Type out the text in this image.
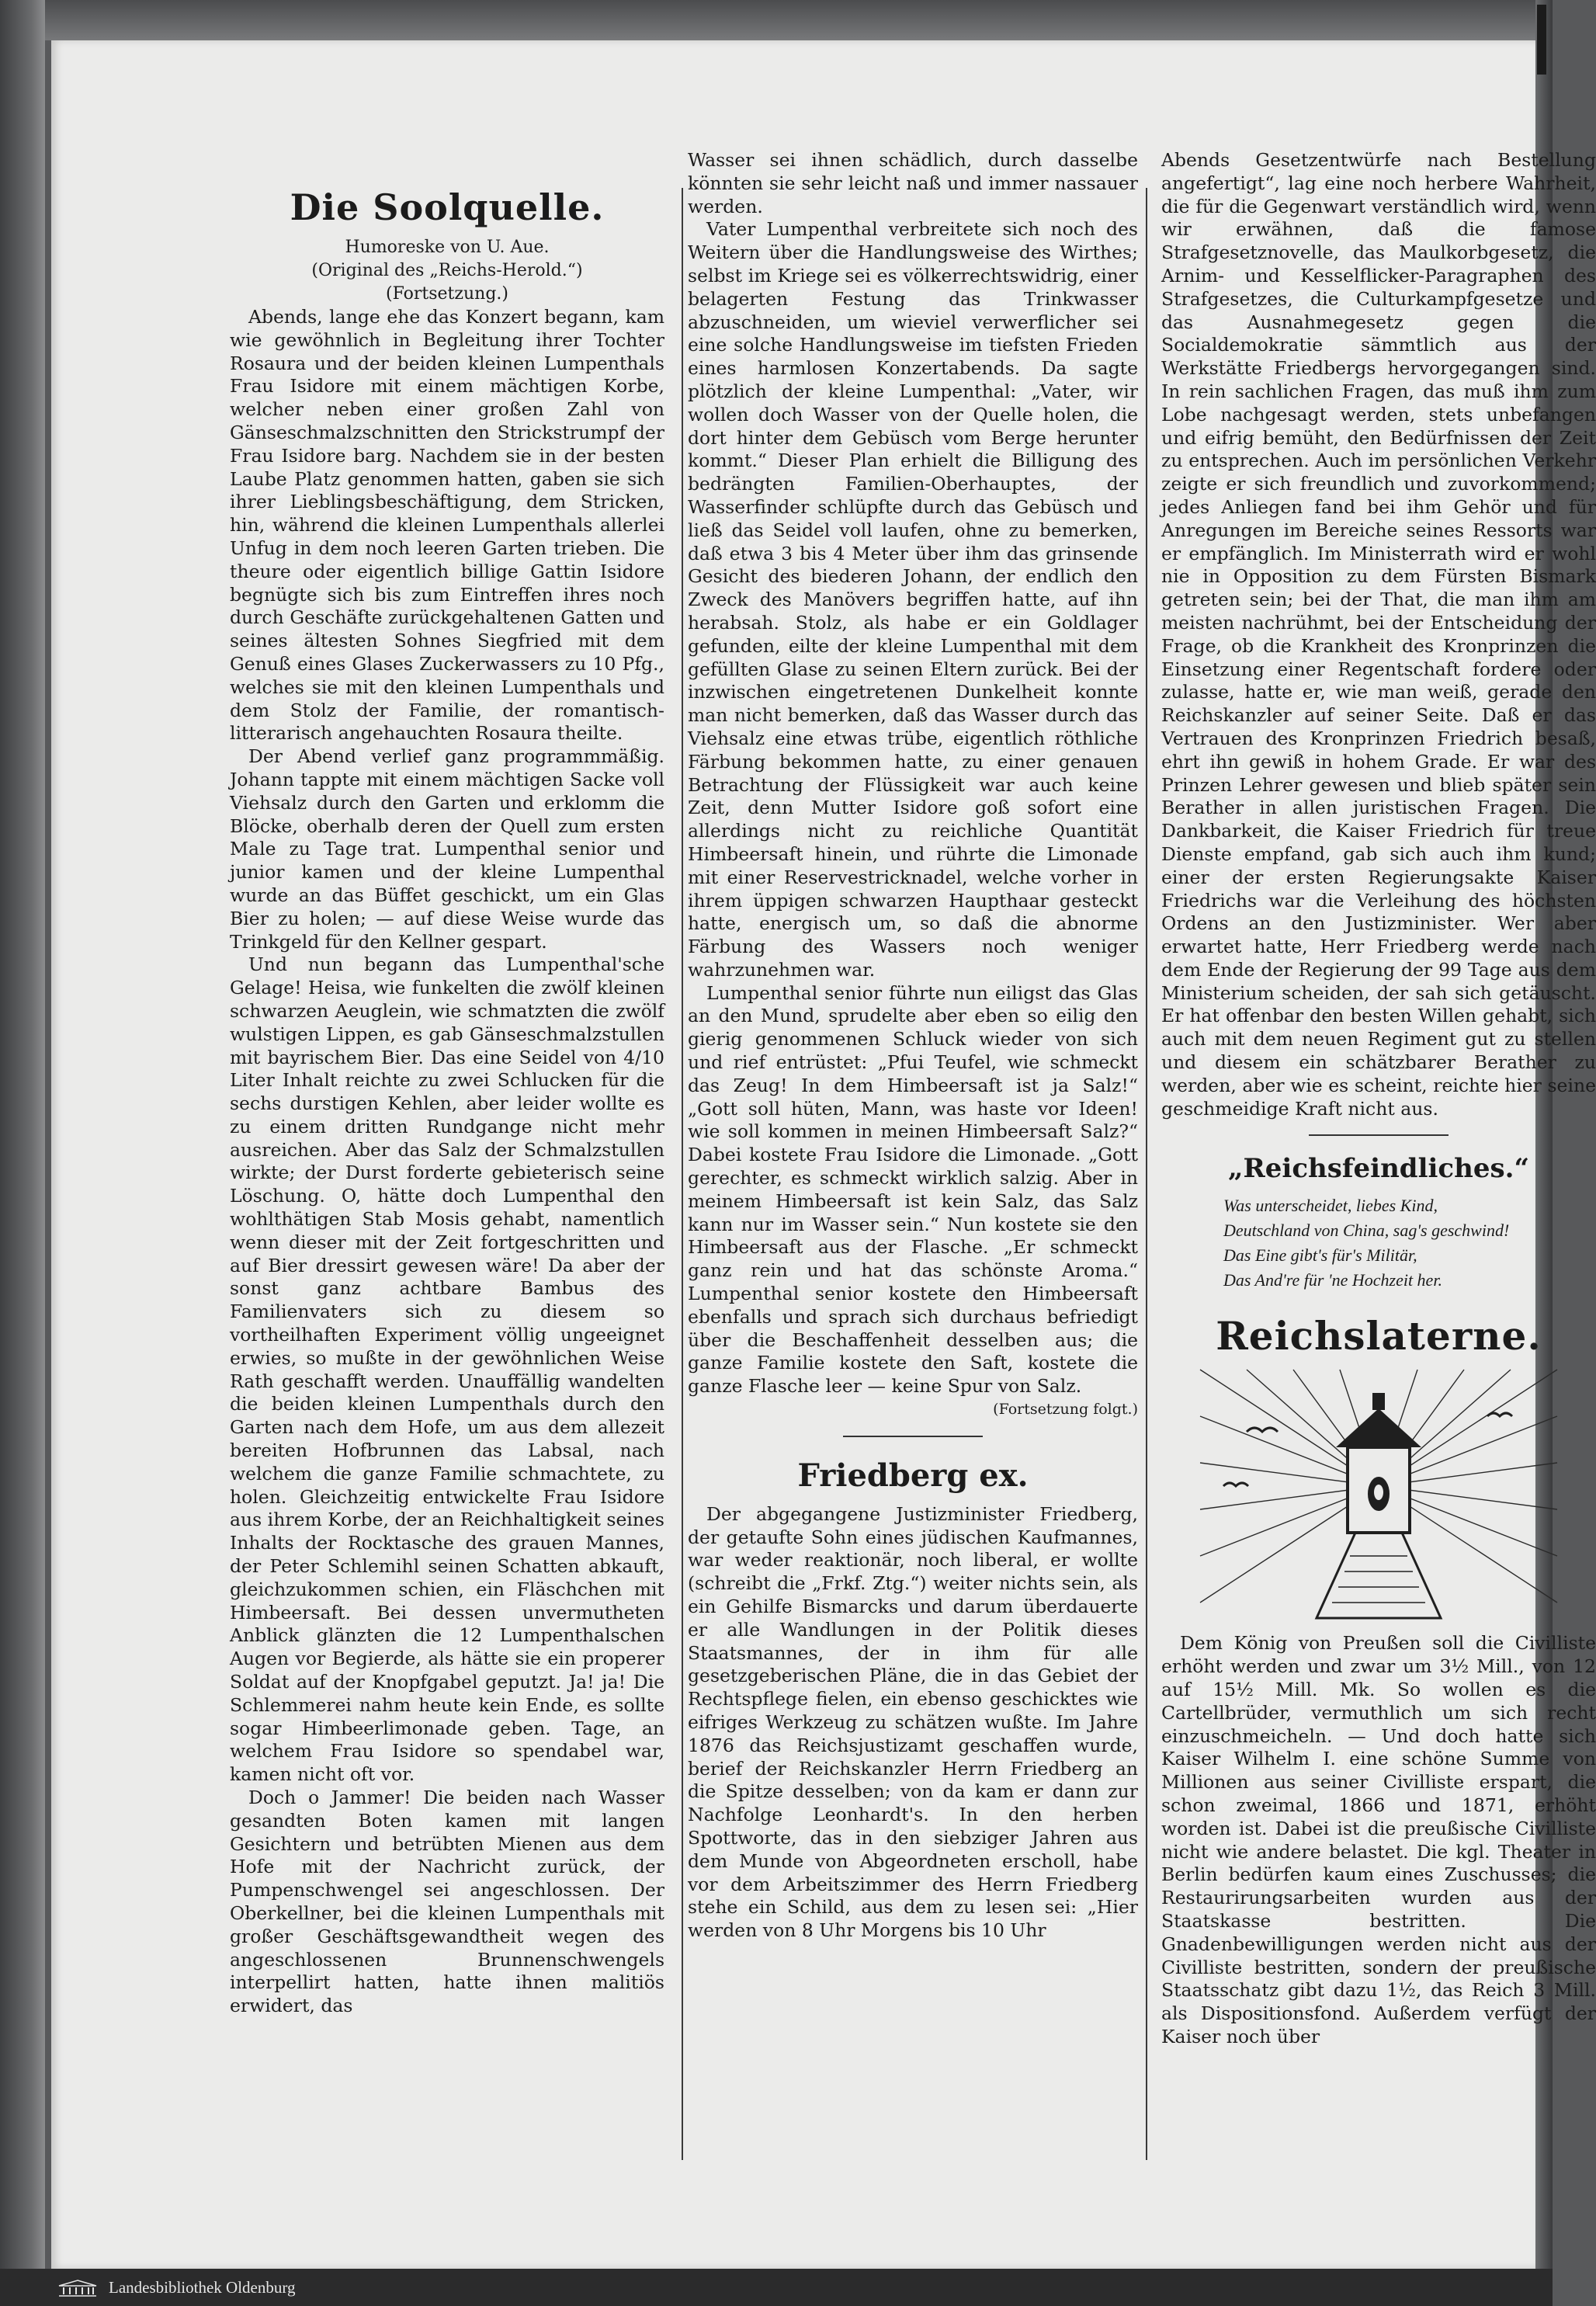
Die Soolquelle.

Humoreske von U. Aue.

(Original des „Reichs-Herold.“)

(Fortsetzung.)

Abends, lange ehe das Konzert begann, kam wie gewöhnlich in Begleitung ihrer Tochter Rosaura und der beiden kleinen Lumpenthals Frau Isidore mit einem mächtigen Korbe, welcher neben einer großen Zahl von Gänseschmalzschnitten den Strickstrumpf der Frau Isidore barg. Nachdem sie in der besten Laube Platz genommen hatten, gaben sie sich ihrer Lieblingsbeschäftigung, dem Stricken, hin, während die kleinen Lumpenthals allerlei Unfug in dem noch leeren Garten trieben. Die theure oder eigentlich billige Gattin Isidore begnügte sich bis zum Eintreffen ihres noch durch Geschäfte zurückgehaltenen Gatten und seines ältesten Sohnes Siegfried mit dem Genuß eines Glases Zuckerwassers zu 10 Pfg., welches sie mit den kleinen Lumpenthals und dem Stolz der Familie, der romantisch-litterarisch angehauchten Rosaura theilte.

Der Abend verlief ganz programmmäßig. Johann tappte mit einem mächtigen Sacke voll Viehsalz durch den Garten und erklomm die Blöcke, oberhalb deren der Quell zum ersten Male zu Tage trat. Lumpenthal senior und junior kamen und der kleine Lumpenthal wurde an das Büffet geschickt, um ein Glas Bier zu holen; — auf diese Weise wurde das Trinkgeld für den Kellner gespart.

Und nun begann das Lumpenthal'sche Gelage! Heisa, wie funkelten die zwölf kleinen schwarzen Aeuglein, wie schmatzten die zwölf wulstigen Lippen, es gab Gänseschmalzstullen mit bayrischem Bier. Das eine Seidel von 4/10 Liter Inhalt reichte zu zwei Schlucken für die sechs durstigen Kehlen, aber leider wollte es zu einem dritten Rundgange nicht mehr ausreichen. Aber das Salz der Schmalzstullen wirkte; der Durst forderte gebieterisch seine Löschung. O, hätte doch Lumpenthal den wohlthätigen Stab Mosis gehabt, namentlich wenn dieser mit der Zeit fortgeschritten und auf Bier dressirt gewesen wäre! Da aber der sonst ganz achtbare Bambus des Familienvaters sich zu diesem so vortheilhaften Experiment völlig ungeeignet erwies, so mußte in der gewöhnlichen Weise Rath geschafft werden. Unauffällig wandelten die beiden kleinen Lumpenthals durch den Garten nach dem Hofe, um aus dem allezeit bereiten Hofbrunnen das Labsal, nach welchem die ganze Familie schmachtete, zu holen. Gleichzeitig entwickelte Frau Isidore aus ihrem Korbe, der an Reichhaltigkeit seines Inhalts der Rocktasche des grauen Mannes, der Peter Schlemihl seinen Schatten abkauft, gleichzukommen schien, ein Fläschchen mit Himbeersaft. Bei dessen unvermutheten Anblick glänzten die 12 Lumpenthalschen Augen vor Begierde, als hätte sie ein properer Soldat auf der Knopfgabel geputzt. Ja! ja! Die Schlemmerei nahm heute kein Ende, es sollte sogar Himbeerlimonade geben. Tage, an welchem Frau Isidore so spendabel war, kamen nicht oft vor.

Doch o Jammer! Die beiden nach Wasser gesandten Boten kamen mit langen Gesichtern und betrübten Mienen aus dem Hofe mit der Nachricht zurück, der Pumpenschwengel sei angeschlossen. Der Oberkellner, bei die kleinen Lumpenthals mit großer Geschäftsgewandtheit wegen des angeschlossenen Brunnenschwengels interpellirt hatten, hatte ihnen malitiös erwidert, das

Wasser sei ihnen schädlich, durch dasselbe könnten sie sehr leicht naß und immer nassauer werden.

Vater Lumpenthal verbreitete sich noch des Weitern über die Handlungsweise des Wirthes; selbst im Kriege sei es völkerrechtswidrig, einer belagerten Festung das Trinkwasser abzuschneiden, um wieviel verwerflicher sei eine solche Handlungsweise im tiefsten Frieden eines harmlosen Konzertabends. Da sagte plötzlich der kleine Lumpenthal: „Vater, wir wollen doch Wasser von der Quelle holen, die dort hinter dem Gebüsch vom Berge herunter kommt.“ Dieser Plan erhielt die Billigung des bedrängten Familien-Oberhauptes, der Wasserfinder schlüpfte durch das Gebüsch und ließ das Seidel voll laufen, ohne zu bemerken, daß etwa 3 bis 4 Meter über ihm das grinsende Gesicht des biederen Johann, der endlich den Zweck des Manövers begriffen hatte, auf ihn herabsah. Stolz, als habe er ein Goldlager gefunden, eilte der kleine Lumpenthal mit dem gefüllten Glase zu seinen Eltern zurück. Bei der inzwischen eingetretenen Dunkelheit konnte man nicht bemerken, daß das Wasser durch das Viehsalz eine etwas trübe, eigentlich röthliche Färbung bekommen hatte, zu einer genauen Betrachtung der Flüssigkeit war auch keine Zeit, denn Mutter Isidore goß sofort eine allerdings nicht zu reichliche Quantität Himbeersaft hinein, und rührte die Limonade mit einer Reservestricknadel, welche vorher in ihrem üppigen schwarzen Haupthaar gesteckt hatte, energisch um, so daß die abnorme Färbung des Wassers noch weniger wahrzunehmen war.

Lumpenthal senior führte nun eiligst das Glas an den Mund, sprudelte aber eben so eilig den gierig genommenen Schluck wieder von sich und rief entrüstet: „Pfui Teufel, wie schmeckt das Zeug! In dem Himbeersaft ist ja Salz!“ „Gott soll hüten, Mann, was haste vor Ideen! wie soll kommen in meinen Himbeersaft Salz?“ Dabei kostete Frau Isidore die Limonade. „Gott gerechter, es schmeckt wirklich salzig. Aber in meinem Himbeersaft ist kein Salz, das Salz kann nur im Wasser sein.“ Nun kostete sie den Himbeersaft aus der Flasche. „Er schmeckt ganz rein und hat das schönste Aroma.“ Lumpenthal senior kostete den Himbeersaft ebenfalls und sprach sich durchaus befriedigt über die Beschaffenheit desselben aus; die ganze Familie kostete den Saft, kostete die ganze Flasche leer — keine Spur von Salz.

(Fortsetzung folgt.)

Friedberg ex.

Der abgegangene Justizminister Friedberg, der getaufte Sohn eines jüdischen Kaufmannes, war weder reaktionär, noch liberal, er wollte (schreibt die „Frkf. Ztg.“) weiter nichts sein, als ein Gehilfe Bismarcks und darum überdauerte er alle Wandlungen in der Politik dieses Staatsmannes, der in ihm für alle gesetzgeberischen Pläne, die in das Gebiet der Rechtspflege fielen, ein ebenso geschicktes wie eifriges Werkzeug zu schätzen wußte. Im Jahre 1876 das Reichsjustizamt geschaffen wurde, berief der Reichskanzler Herrn Friedberg an die Spitze desselben; von da kam er dann zur Nachfolge Leonhardt's. In den herben Spottworte, das in den siebziger Jahren aus dem Munde von Abgeordneten erscholl, habe vor dem Arbeitszimmer des Herrn Friedberg stehe ein Schild, aus dem zu lesen sei: „Hier werden von 8 Uhr Morgens bis 10 Uhr

Abends Gesetzentwürfe nach Bestellung angefertigt“, lag eine noch herbere Wahrheit, die für die Gegenwart verständlich wird, wenn wir erwähnen, daß die famose Strafgesetznovelle, das Maulkorbgesetz, die Arnim- und Kesselflicker-Paragraphen des Strafgesetzes, die Culturkampfgesetze und das Ausnahmegesetz gegen die Socialdemokratie sämmtlich aus der Werkstätte Friedbergs hervorgegangen sind. In rein sachlichen Fragen, das muß ihm zum Lobe nachgesagt werden, stets unbefangen und eifrig bemüht, den Bedürfnissen der Zeit zu entsprechen. Auch im persönlichen Verkehr zeigte er sich freundlich und zuvorkommend; jedes Anliegen fand bei ihm Gehör und für Anregungen im Bereiche seines Ressorts war er empfänglich. Im Ministerrath wird er wohl nie in Opposition zu dem Fürsten Bismark getreten sein; bei der That, die man ihm am meisten nachrühmt, bei der Entscheidung der Frage, ob die Krankheit des Kronprinzen die Einsetzung einer Regentschaft fordere oder zulasse, hatte er, wie man weiß, gerade den Reichskanzler auf seiner Seite. Daß er das Vertrauen des Kronprinzen Friedrich besaß, ehrt ihn gewiß in hohem Grade. Er war des Prinzen Lehrer gewesen und blieb später sein Berather in allen juristischen Fragen. Die Dankbarkeit, die Kaiser Friedrich für treue Dienste empfand, gab sich auch ihm kund; einer der ersten Regierungsakte Kaiser Friedrichs war die Verleihung des höchsten Ordens an den Justizminister. Wer aber erwartet hatte, Herr Friedberg werde nach dem Ende der Regierung der 99 Tage aus dem Ministerium scheiden, der sah sich getäuscht. Er hat offenbar den besten Willen gehabt, sich auch mit dem neuen Regiment gut zu stellen und diesem ein schätzbarer Berather zu werden, aber wie es scheint, reichte hier seine geschmeidige Kraft nicht aus.

„Reichsfeindliches.“

Was unterscheidet, liebes Kind,

Deutschland von China, sag's geschwind!

Das Eine gibt's für's Militär,

Das And're für 'ne Hochzeit her.

Reichslaterne.

Dem König von Preußen soll die Civilliste erhöht werden und zwar um 3½ Mill., von 12 auf 15½ Mill. Mk. So wollen es die Cartellbrüder, vermuthlich um sich recht einzuschmeicheln. — Und doch hatte sich Kaiser Wilhelm I. eine schöne Summe von Millionen aus seiner Civilliste erspart, die schon zweimal, 1866 und 1871, erhöht worden ist. Dabei ist die preußische Civilliste nicht wie andere belastet. Die kgl. Theater in Berlin bedürfen kaum eines Zuschusses; die Restaurirungsarbeiten wurden aus der Staatskasse bestritten. Die Gnadenbewilligungen werden nicht aus der Civilliste bestritten, sondern der preußische Staatsschatz gibt dazu 1½, das Reich 3 Mill. als Dispositionsfond. Außerdem verfügt der Kaiser noch über

Landesbibliothek Oldenburg
